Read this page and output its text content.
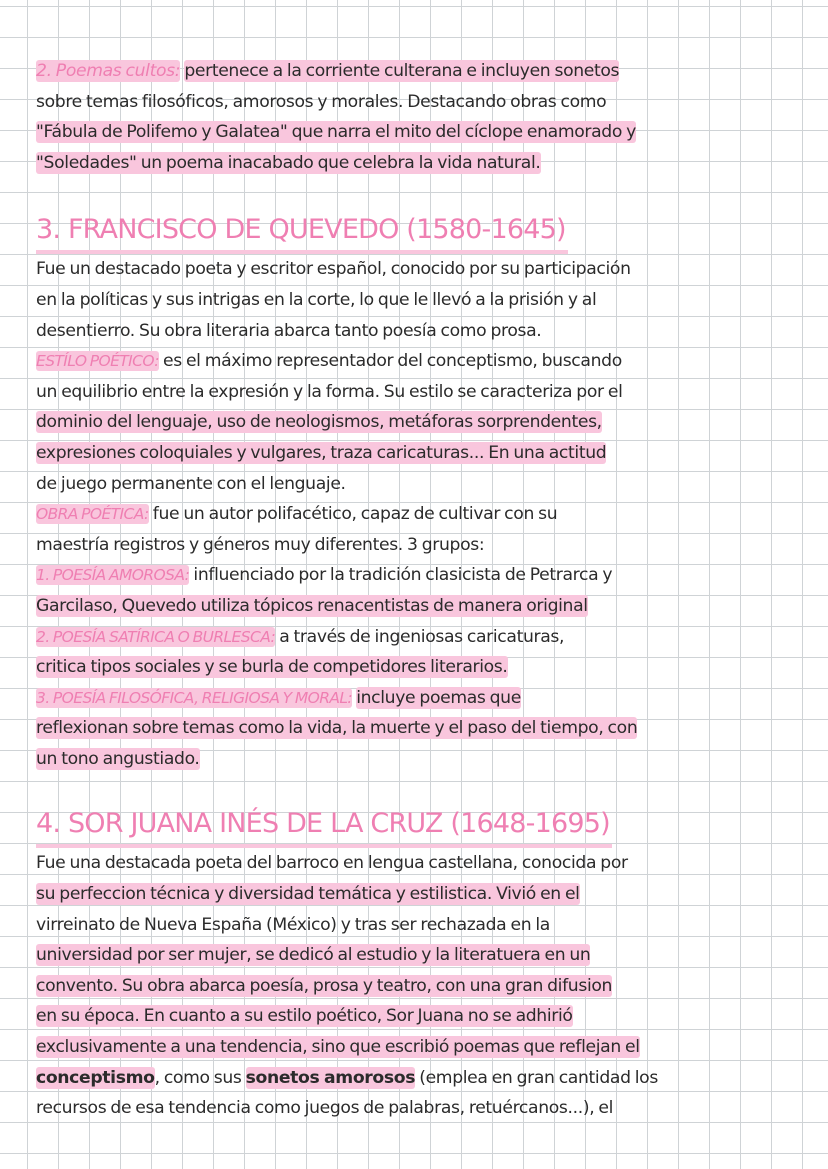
2. Poemas cultos: pertenece a la corriente culterana e incluyen sonetos
sobre temas filosóficos, amorosos y morales. Destacando obras como
"Fábula de Polifemo y Galatea" que narra el mito del cíclope enamorado y
"Soledades" un poema inacabado que celebra la vida natural.
3. FRANCISCO DE QUEVEDO (1580-1645)
Fue un destacado poeta y escritor español, conocido por su participación
en la políticas y sus intrigas en la corte, lo que le llevó a la prisión y al
desentierro. Su obra literaria abarca tanto poesía como prosa.
ESTÍLO POÉTICO: es el máximo representador del conceptismo, buscando
un equilibrio entre la expresión y la forma. Su estilo se caracteriza por el
dominio del lenguaje, uso de neologismos, metáforas sorprendentes,
expresiones coloquiales y vulgares, traza caricaturas... En una actitud
de juego permanente con el lenguaje.
OBRA POÉTICA: fue un autor polifacético, capaz de cultivar con su
maestría registros y géneros muy diferentes. 3 grupos:
1. POESÍA AMOROSA: influenciado por la tradición clasicista de Petrarca y
Garcilaso, Quevedo utiliza tópicos renacentistas de manera original
2. POESÍA SATÍRICA O BURLESCA: a través de ingeniosas caricaturas,
critica tipos sociales y se burla de competidores literarios.
3. POESÍA FILOSÓFICA, RELIGIOSA Y MORAL: incluye poemas que
reflexionan sobre temas como la vida, la muerte y el paso del tiempo, con
un tono angustiado.
4. SOR JUANA INÉS DE LA CRUZ (1648-1695)
Fue una destacada poeta del barroco en lengua castellana, conocida por
su perfeccion técnica y diversidad temática y estilistica. Vivió en el
virreinato de Nueva España (México) y tras ser rechazada en la
universidad por ser mujer, se dedicó al estudio y la literatuera en un
convento. Su obra abarca poesía, prosa y teatro, con una gran difusion
en su época. En cuanto a su estilo poético, Sor Juana no se adhirió
exclusivamente a una tendencia, sino que escribió poemas que reflejan el
conceptismo, como sus sonetos amorosos (emplea en gran cantidad los
recursos de esa tendencia como juegos de palabras, retuércanos...), el
